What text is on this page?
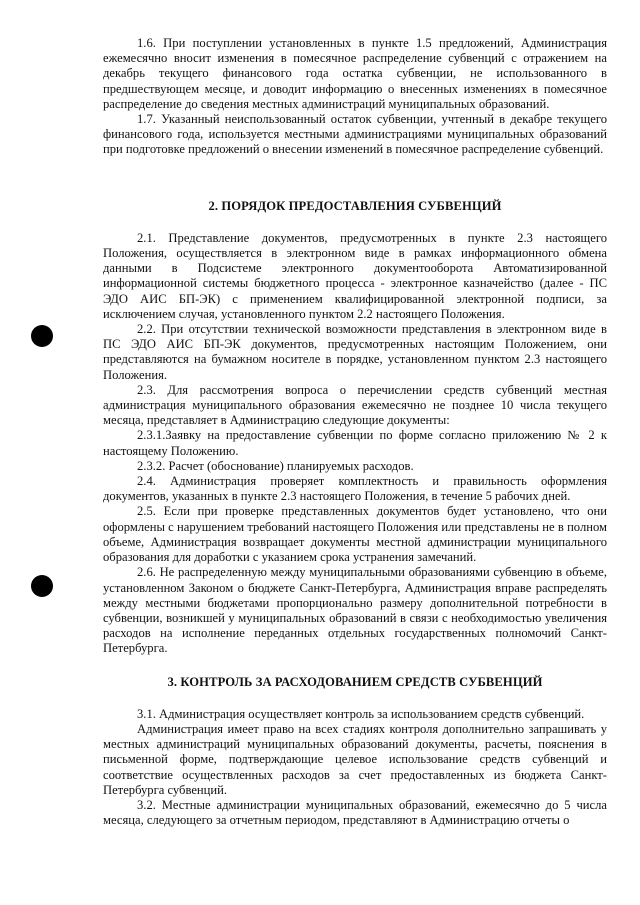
1.6. При поступлении установленных в пункте 1.5 предложений, Администрация ежемесячно вносит изменения в помесячное распределение субвенций с отражением на декабрь текущего финансового года остатка субвенции, не использованного в предшествующем месяце, и доводит информацию о внесенных изменениях в помесячное распределение до сведения местных администраций муниципальных образований.

1.7. Указанный неиспользованный остаток субвенции, учтенный в декабре текущего финансового года, используется местными администрациями муниципальных образований при подготовке предложений о внесении изменений в помесячное распределение субвенций.

2. ПОРЯДОК ПРЕДОСТАВЛЕНИЯ СУБВЕНЦИЙ

2.1. Представление документов, предусмотренных в пункте 2.3 настоящего Положения, осуществляется в электронном виде в рамках информационного обмена данными в Подсистеме электронного документооборота Автоматизированной информационной системы бюджетного процесса - электронное казначейство (далее - ПС ЭДО АИС БП-ЭК) с применением квалифицированной электронной подписи, за исключением случая, установленного пунктом 2.2 настоящего Положения.

2.2. При отсутствии технической возможности представления в электронном виде в ПС ЭДО АИС БП-ЭК документов, предусмотренных настоящим Положением, они представляются на бумажном носителе в порядке, установленном пунктом 2.3 настоящего Положения.

2.3. Для рассмотрения вопроса о перечислении средств субвенций местная администрация муниципального образования ежемесячно не позднее 10 числа текущего месяца, представляет в Администрацию следующие документы:

2.3.1.Заявку на предоставление субвенции по форме согласно приложению № 2 к настоящему Положению.

2.3.2. Расчет (обоснование) планируемых расходов.

2.4. Администрация проверяет комплектность и правильность оформления документов, указанных в пункте 2.3 настоящего Положения, в течение 5 рабочих дней.

2.5. Если при проверке представленных документов будет установлено, что они оформлены с нарушением требований настоящего Положения или представлены не в полном объеме, Администрация возвращает документы местной администрации муниципального образования для доработки с указанием срока устранения замечаний.

2.6. Не распределенную между муниципальными образованиями субвенцию в объеме, установленном Законом о бюджете Санкт-Петербурга, Администрация вправе распределять между местными бюджетами пропорционально размеру дополнительной потребности в субвенции, возникшей у муниципальных образований в связи с необходимостью увеличения расходов на исполнение переданных отдельных государственных полномочий Санкт-Петербурга.

3. КОНТРОЛЬ ЗА РАСХОДОВАНИЕМ СРЕДСТВ СУБВЕНЦИЙ

3.1. Администрация осуществляет контроль за использованием средств субвенций.

Администрация имеет право на всех стадиях контроля дополнительно запрашивать у местных администраций муниципальных образований документы, расчеты, пояснения в письменной форме, подтверждающие целевое использование средств субвенций и соответствие осуществленных расходов за счет предоставленных из бюджета Санкт-Петербурга субвенций.

3.2. Местные администрации муниципальных образований, ежемесячно до 5 числа месяца, следующего за отчетным периодом, представляют в Администрацию отчеты о
